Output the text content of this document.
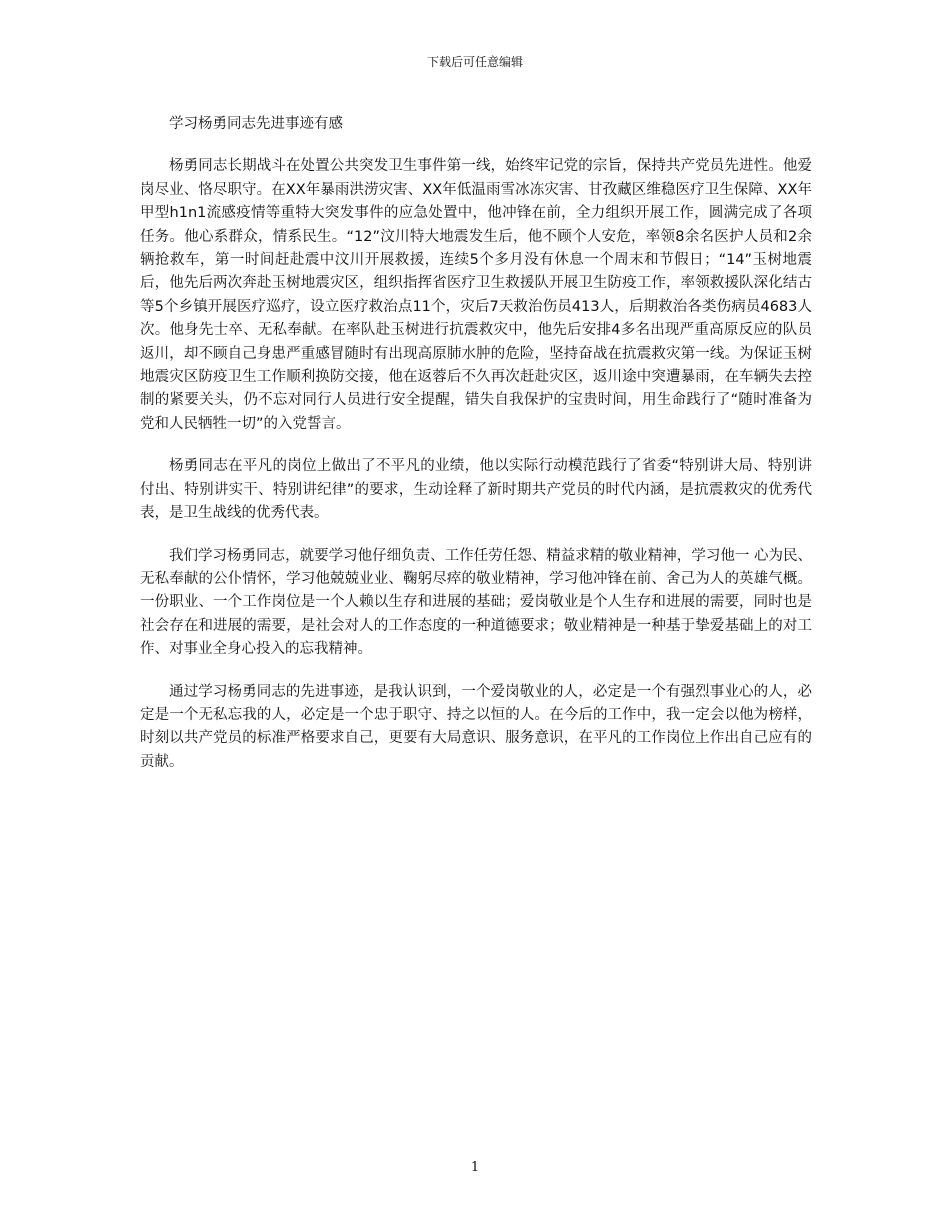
下载后可任意编辑
学习杨勇同志先进事迹有感

杨勇同志长期战斗在处置公共突发卫生事件第一线，始终牢记党的宗旨，保持共产党员先进性。他爱岗尽业、恪尽职守。在XX年暴雨洪涝灾害、XX年低温雨雪冰冻灾害、甘孜藏区维稳医疗卫生保障、XX年甲型h1n1流感疫情等重特大突发事件的应急处置中，他冲锋在前，全力组织开展工作，圆满完成了各项任务。他心系群众，情系民生。“12”汶川特大地震发生后，他不顾个人安危，率领8余名医护人员和2余辆抢救车，第一时间赶赴震中汶川开展救援，连续5个多月没有休息一个周末和节假日；“14”玉树地震后，他先后两次奔赴玉树地震灾区，组织指挥省医疗卫生救援队开展卫生防疫工作，率领救援队深化结古等5个乡镇开展医疗巡疗，设立医疗救治点11个，灾后7天救治伤员413人，后期救治各类伤病员4683人次。他身先士卒、无私奉献。在率队赴玉树进行抗震救灾中，他先后安排4多名出现严重高原反应的队员返川，却不顾自己身患严重感冒随时有出现高原肺水肿的危险，坚持奋战在抗震救灾第一线。为保证玉树地震灾区防疫卫生工作顺利换防交接，他在返蓉后不久再次赶赴灾区，返川途中突遭暴雨，在车辆失去控制的紧要关头，仍不忘对同行人员进行安全提醒，错失自我保护的宝贵时间，用生命践行了“随时准备为党和人民牺牲一切”的入党誓言。

杨勇同志在平凡的岗位上做出了不平凡的业绩，他以实际行动模范践行了省委“特别讲大局、特别讲付出、特别讲实干、特别讲纪律”的要求，生动诠释了新时期共产党员的时代内涵，是抗震救灾的优秀代表，是卫生战线的优秀代表。

我们学习杨勇同志，就要学习他仔细负责、工作任劳任怨、精益求精的敬业精神，学习他一 心为民、无私奉献的公仆情怀，学习他兢兢业业、鞠躬尽瘁的敬业精神，学习他冲锋在前、舍己为人的英雄气概。一份职业、一个工作岗位是一个人赖以生存和进展的基础；爱岗敬业是个人生存和进展的需要，同时也是社会存在和进展的需要，是社会对人的工作态度的一种道德要求；敬业精神是一种基于挚爱基础上的对工作、对事业全身心投入的忘我精神。

通过学习杨勇同志的先进事迹，是我认识到，一个爱岗敬业的人，必定是一个有强烈事业心的人，必定是一个无私忘我的人，必定是一个忠于职守、持之以恒的人。在今后的工作中，我一定会以他为榜样，时刻以共产党员的标准严格要求自己，更要有大局意识、服务意识，在平凡的工作岗位上作出自己应有的贡献。

1
